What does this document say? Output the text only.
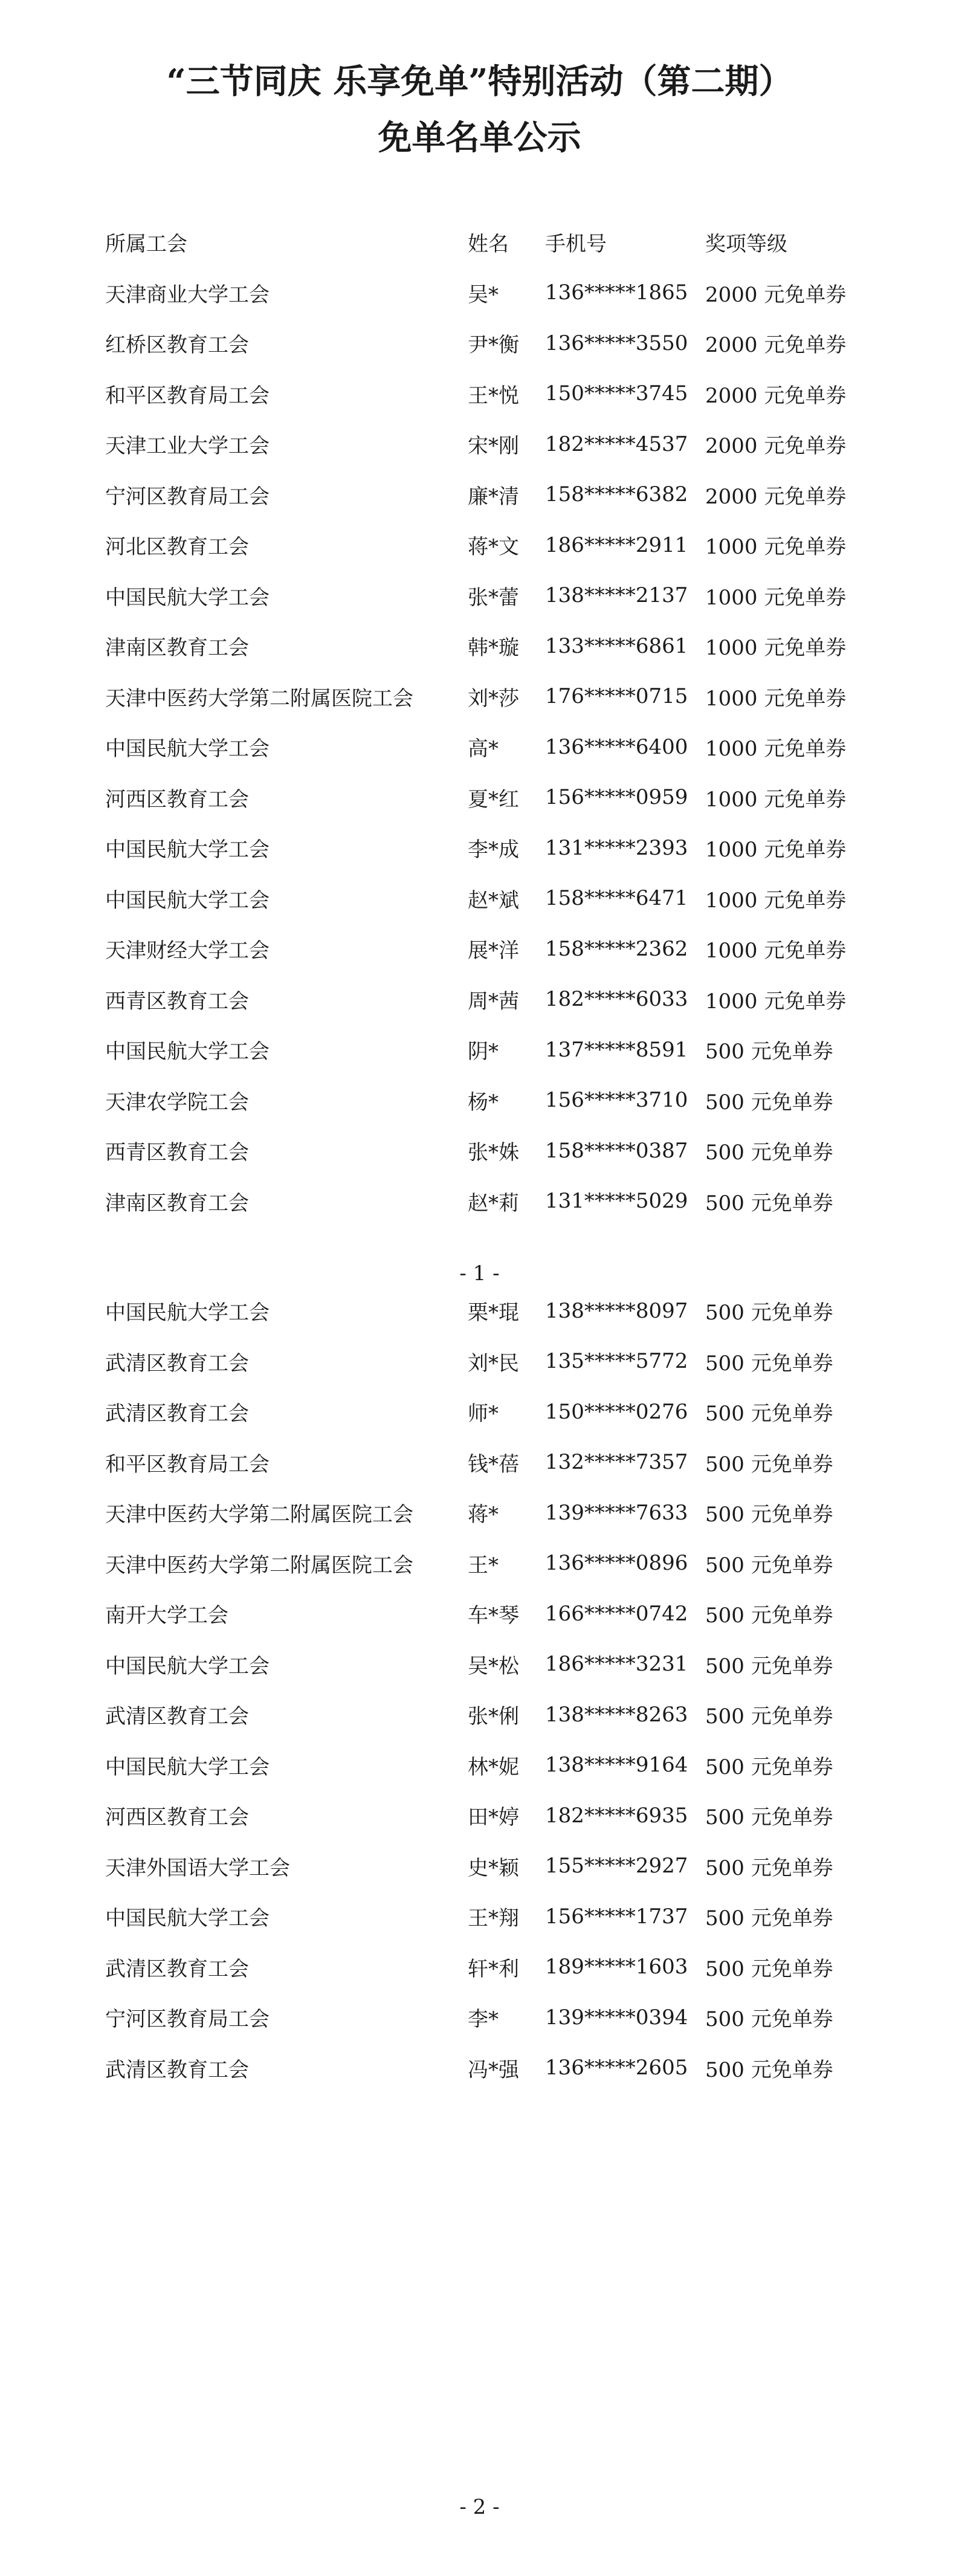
“三节同庆 乐享免单”特别活动（第二期）
免单名单公示
所属工会	姓名	手机号	奖项等级
天津商业大学工会	吴*	136*****1865	2000 元免单券
红桥区教育工会	尹*衡	136*****3550	2000 元免单券
和平区教育局工会	王*悦	150*****3745	2000 元免单券
天津工业大学工会	宋*刚	182*****4537	2000 元免单券
宁河区教育局工会	廉*清	158*****6382	2000 元免单券
河北区教育工会	蒋*文	186*****2911	1000 元免单券
中国民航大学工会	张*蕾	138*****2137	1000 元免单券
津南区教育工会	韩*璇	133*****6861	1000 元免单券
天津中医药大学第二附属医院工会	刘*莎	176*****0715	1000 元免单券
中国民航大学工会	高*	136*****6400	1000 元免单券
河西区教育工会	夏*红	156*****0959	1000 元免单券
中国民航大学工会	李*成	131*****2393	1000 元免单券
中国民航大学工会	赵*斌	158*****6471	1000 元免单券
天津财经大学工会	展*洋	158*****2362	1000 元免单券
西青区教育工会	周*茜	182*****6033	1000 元免单券
中国民航大学工会	阴*	137*****8591	500 元免单券
天津农学院工会	杨*	156*****3710	500 元免单券
西青区教育工会	张*姝	158*****0387	500 元免单券
津南区教育工会	赵*莉	131*****5029	500 元免单券
- 1 -
中国民航大学工会	栗*琨	138*****8097	500 元免单券
武清区教育工会	刘*民	135*****5772	500 元免单券
武清区教育工会	师*	150*****0276	500 元免单券
和平区教育局工会	钱*蓓	132*****7357	500 元免单券
天津中医药大学第二附属医院工会	蒋*	139*****7633	500 元免单券
天津中医药大学第二附属医院工会	王*	136*****0896	500 元免单券
南开大学工会	车*琴	166*****0742	500 元免单券
中国民航大学工会	吴*松	186*****3231	500 元免单券
武清区教育工会	张*俐	138*****8263	500 元免单券
中国民航大学工会	林*妮	138*****9164	500 元免单券
河西区教育工会	田*婷	182*****6935	500 元免单券
天津外国语大学工会	史*颖	155*****2927	500 元免单券
中国民航大学工会	王*翔	156*****1737	500 元免单券
武清区教育工会	轩*利	189*****1603	500 元免单券
宁河区教育局工会	李*	139*****0394	500 元免单券
武清区教育工会	冯*强	136*****2605	500 元免单券
- 2 -
